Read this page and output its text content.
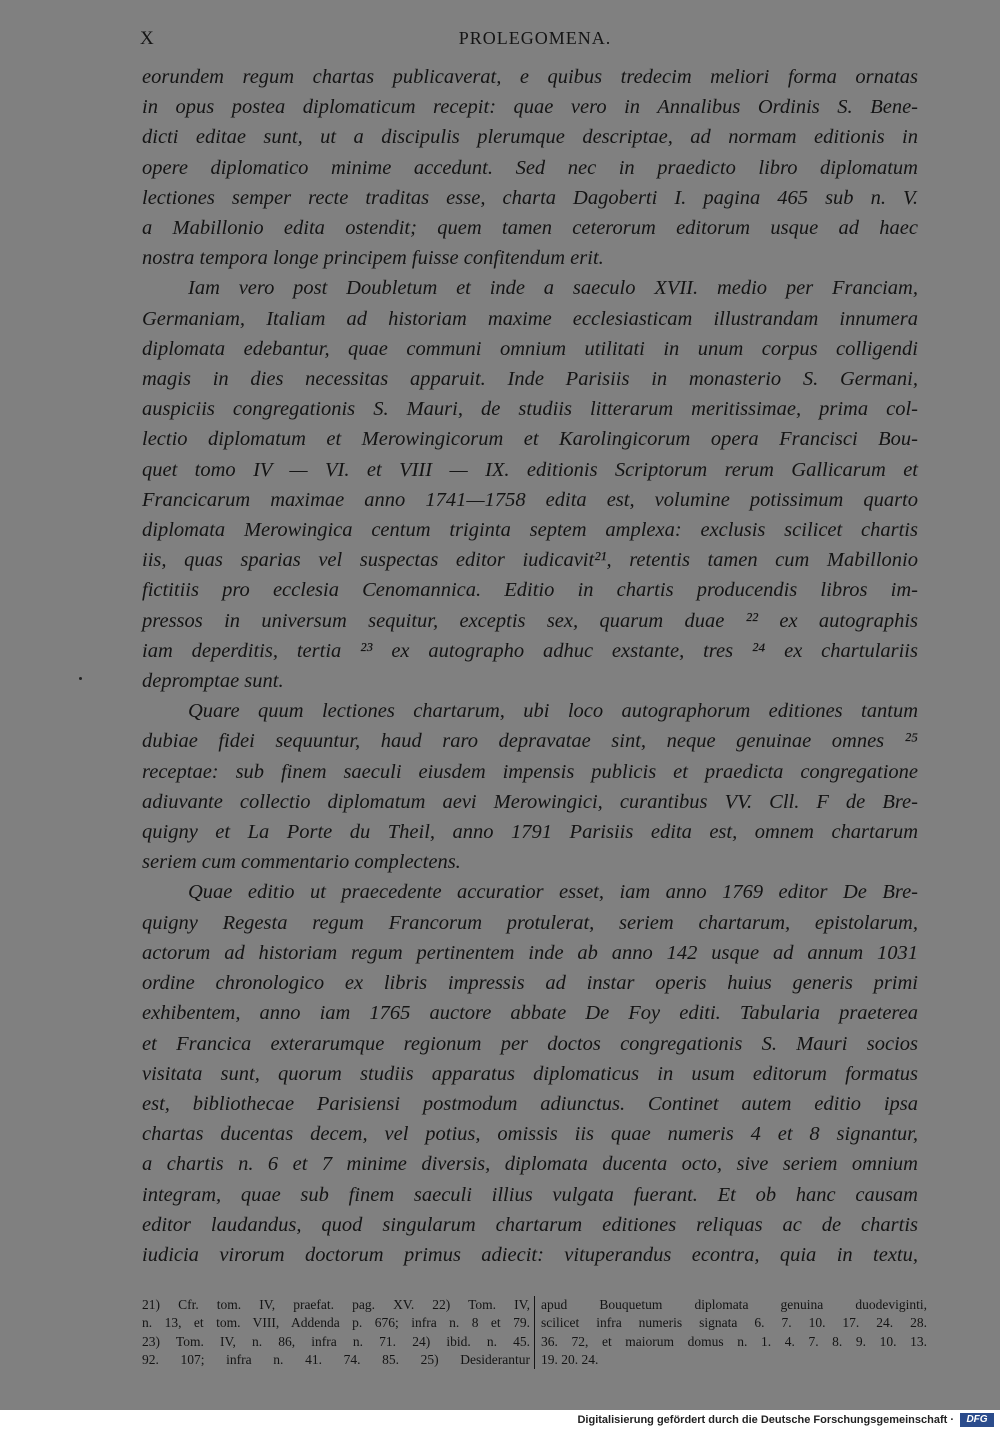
X	PROLEGOMENA.
eorundem regum chartas publicaverat, e quibus tredecim meliori forma ornatas
in opus postea diplomaticum recepit: quae vero in Annalibus Ordinis S. Bene-
dicti editae sunt, ut a discipulis plerumque descriptae, ad normam editionis in
opere diplomatico minime accedunt. Sed nec in praedicto libro diplomatum
lectiones semper recte traditas esse, charta Dagoberti I. pagina 465 sub n. V.
a Mabillonio edita ostendit; quem tamen ceterorum editorum usque ad haec
nostra tempora longe principem fuisse confitendum erit.
Iam vero post Doubletum et inde a saeculo XVII. medio per Franciam,
Germaniam, Italiam ad historiam maxime ecclesiasticam illustrandam innumera
diplomata edebantur, quae communi omnium utilitati in unum corpus colligendi
magis in dies necessitas apparuit. Inde Parisiis in monasterio S. Germani,
auspiciis congregationis S. Mauri, de studiis litterarum meritissimae, prima col-
lectio diplomatum et Merowingicorum et Karolingicorum opera Francisci Bou-
quet tomo IV — VI. et VIII — IX. editionis Scriptorum rerum Gallicarum et
Francicarum maximae anno 1741—1758 edita est, volumine potissimum quarto
diplomata Merowingica centum triginta septem amplexa: exclusis scilicet chartis
iis, quas sparias vel suspectas editor iudicavit²¹, retentis tamen cum Mabillonio
fictitiis pro ecclesia Cenomannica. Editio in chartis producendis libros im-
pressos in universum sequitur, exceptis sex, quarum duae ²² ex autographis
iam deperditis, tertia ²³ ex autographo adhuc exstante, tres ²⁴ ex chartulariis
depromptae sunt.
Quare quum lectiones chartarum, ubi loco autographorum editiones tantum
dubiae fidei sequuntur, haud raro depravatae sint, neque genuinae omnes ²⁵
receptae: sub finem saeculi eiusdem impensis publicis et praedicta congregatione
adiuvante collectio diplomatum aevi Merowingici, curantibus VV. Cll. F de Bre-
quigny et La Porte du Theil, anno 1791 Parisiis edita est, omnem chartarum
seriem cum commentario complectens.
Quae editio ut praecedente accuratior esset, iam anno 1769 editor De Bre-
quigny Regesta regum Francorum protulerat, seriem chartarum, epistolarum,
actorum ad historiam regum pertinentem inde ab anno 142 usque ad annum 1031
ordine chronologico ex libris impressis ad instar operis huius generis primi
exhibentem, anno iam 1765 auctore abbate De Foy editi. Tabularia praeterea
et Francica exterarumque regionum per doctos congregationis S. Mauri socios
visitata sunt, quorum studiis apparatus diplomaticus in usum editorum formatus
est, bibliothecae Parisiensi postmodum adiunctus. Continet autem editio ipsa
chartas ducentas decem, vel potius, omissis iis quae numeris 4 et 8 signantur,
a chartis n. 6 et 7 minime diversis, diplomata ducenta octo, sive seriem omnium
integram, quae sub finem saeculi illius vulgata fuerant. Et ob hanc causam
editor laudandus, quod singularum chartarum editiones reliquas ac de chartis
iudicia virorum doctorum primus adiecit: vituperandus econtra, quia in textu,
21) Cfr. tom. IV, praefat. pag. XV. 22) Tom. IV,
n. 13, et tom. VIII, Addenda p. 676; infra n. 8 et 79.
23) Tom. IV, n. 86, infra n. 71. 24) ibid. n. 45.
92. 107; infra n. 41. 74. 85. 25) Desiderantur
apud Bouquetum diplomata genuina duodeviginti,
scilicet infra numeris signata 6. 7. 10. 17. 24. 28.
36. 72, et maiorum domus n. 1. 4. 7. 8. 9. 10. 13.
19. 20. 24.
Digitalisierung gefördert durch die Deutsche Forschungsgemeinschaft ·	DFG
